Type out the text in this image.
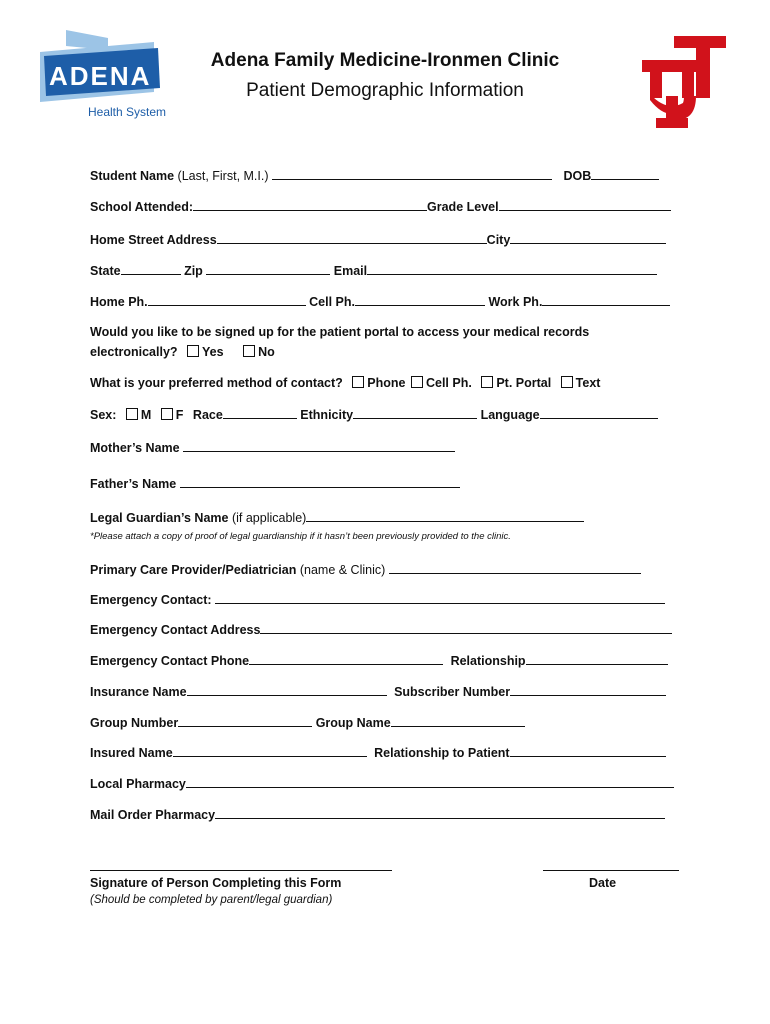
ADENA
Health System
Adena Family Medicine-Ironmen Clinic
Patient Demographic Information
Student Name (Last, First, M.I.)	DOB
School Attended:	Grade Level
Home Street Address	City
State	Zip	Email
Home Ph.	Cell Ph.	Work Ph.
Would you like to be signed up for the patient portal to access your medical records
electronically? Yes	No
What is your preferred method of contact? Phone Cell Ph. Pt. Portal Text
Sex: M F Race	Ethnicity	Language
Mother’s Name
Father’s Name
Legal Guardian’s Name (if applicable)
*Please attach a copy of proof of legal guardianship if it hasn’t been previously provided to the clinic.
Primary Care Provider/Pediatrician (name & Clinic)
Emergency Contact:
Emergency Contact Address
Emergency Contact Phone	Relationship
Insurance Name	Subscriber Number
Group Number	Group Name
Insured Name	Relationship to Patient
Local Pharmacy
Mail Order Pharmacy
Signature of Person Completing this Form
(Should be completed by parent/legal guardian)
Date
